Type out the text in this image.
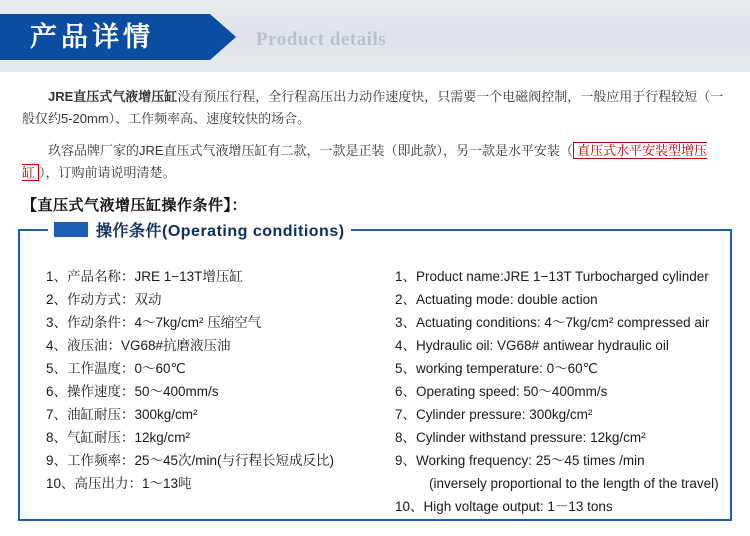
产品详情	Product details

JRE直压式气液增压缸没有预压行程，全行程高压出力动作速度快，只需要一个电磁阀控制，一般应用于行程较短（一般仅约5-20mm）、工作频率高、速度较快的场合。

玖容品牌厂家的JRE直压式气液增压缸有二款，一款是正装（即此款），另一款是水平安装（ 直压式水平安装型增压缸 ），订购前请说明清楚。

【直压式气液增压缸操作条件】：
操作条件(Operating conditions)
1、产品名称：JRE 1−13T增压缸
2、作动方式：双动
3、作动条件：4～7kg/cm² 压缩空气
4、液压油：VG68#抗磨液压油
5、工作温度：0～60℃
6、操作速度：50～400mm/s
7、油缸耐压：300kg/cm²
8、气缸耐压：12kg/cm²
9、工作频率：25～45次/min(与行程长短成反比)
10、高压出力：1～13吨
1、Product name:JRE 1−13T Turbocharged cylinder
2、Actuating mode: double action
3、Actuating conditions: 4～7kg/cm² compressed air
4、Hydraulic oil: VG68# antiwear hydraulic oil
5、working temperature: 0～60℃
6、Operating speed: 50～400mm/s
7、Cylinder pressure: 300kg/cm²
8、Cylinder withstand pressure: 12kg/cm²
9、Working frequency: 25～45 times /min
(inversely proportional to the length of the travel)
10、High voltage output: 1－13 tons
